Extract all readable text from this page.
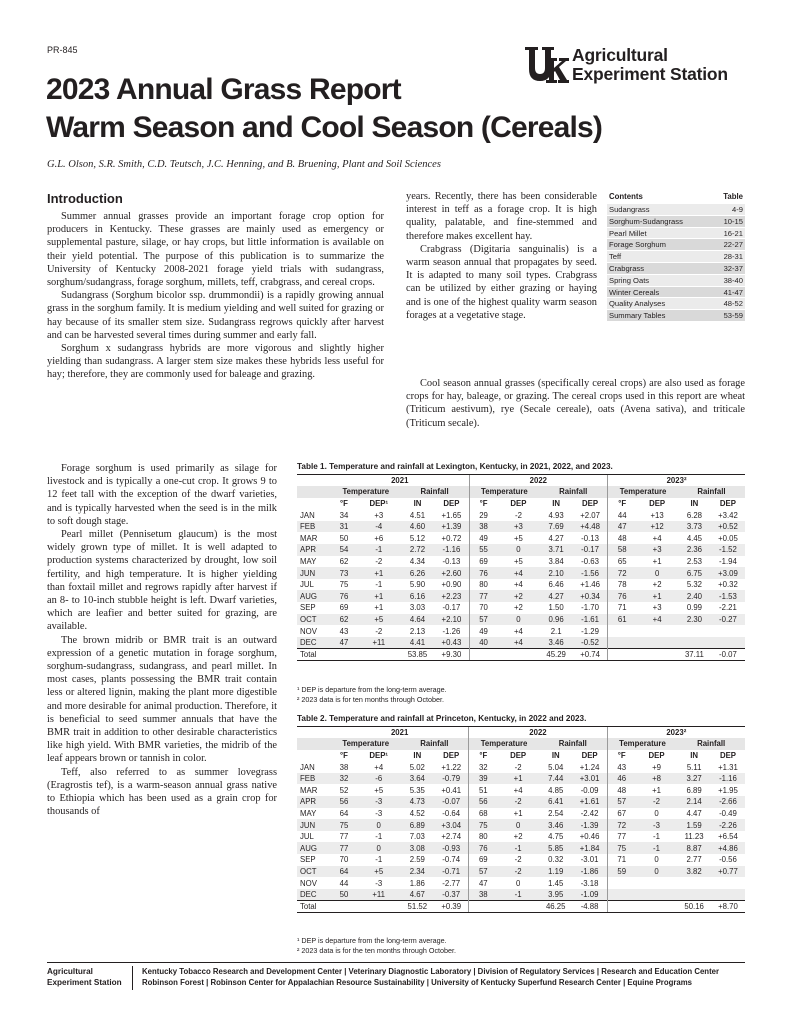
PR-845	Agricultural
Experiment Station
2023 Annual Grass Report
Warm Season and Cool Season (Cereals)
G.L. Olson, S.R. Smith, C.D. Teutsch, J.C. Henning, and B. Bruening, Plant and Soil Sciences
Introduction

Summer annual grasses provide an important forage crop option for producers in Kentucky. These grasses are mainly used as emergency or supplemental pasture, silage, or hay crops, but little information is available on their yield potential. The purpose of this publication is to summarize the University of Kentucky 2008-2021 forage yield trials with sudangrass, sorghum/sudangrass, forage sorghum, millets, teff, crabgrass, and cereal crops.

Sudangrass (Sorghum bicolor ssp. drummondii) is a rapidly growing annual grass in the sorghum family. It is medium yielding and well suited for grazing or hay because of its smaller stem size. Sudangrass regrows quickly after harvest and can be harvested several times during summer and early fall.

Sorghum x sudangrass hybrids are more vigorous and slightly higher yielding than sudangrass. A larger stem size makes these hybrids less useful for hay; therefore, they are commonly used for baleage and grazing.

Forage sorghum is used primarily as silage for livestock and is typically a one-cut crop. It grows 9 to 12 feet tall with the exception of the dwarf varieties, and is typically harvested when the seed is in the milk to soft dough stage.

Pearl millet (Pennisetum glaucum) is the most widely grown type of millet. It is well adapted to production systems characterized by drought, low soil fertility, and high temperature. It is higher yielding than foxtail millet and regrows rapidly after harvest if an 8- to 10-inch stubble height is left. Dwarf varieties, which are leafier and better suited for grazing, are available.

The brown midrib or BMR trait is an outward expression of a genetic mutation in forage sorghum, sorghum-sudangrass, sudangrass, and pearl millet. In most cases, plants possessing the BMR trait contain less or altered lignin, making the plant more digestible and more desirable for animal production. Therefore, it is beneficial to seed summer annuals that have the BMR trait in addition to other desirable characteristics like high yield. With BMR varieties, the midrib of the leaf appears brown or tannish in color.

Teff, also referred to as summer lovegrass (Eragrostis tef), is a warm-season annual grass native to Ethiopia which has been used as a grain crop for thousands of

years. Recently, there has been considerable interest in teff as a forage crop. It is high quality, palatable, and fine-stemmed and therefore makes excellent hay.

Crabgrass (Digitaria sanguinalis) is a warm season annual that propagates by seed. It is adapted to many soil types. Crabgrass can be utilized by either grazing or haying and is one of the highest quality warm season forages at a vegetative stage.

Cool season annual grasses (specifically cereal crops) are also used as forage crops for hay, baleage, or grazing. The cereal crops used in this report are wheat (Triticum aestivum), rye (Secale cereale), oats (Avena sativa), and triticale (Triticum secale).

Contents	Table
Sudangrass	4-9
Sorghum-Sudangrass	10-15
Pearl Millet	16-21
Forage Sorghum	22-27
Teff	28-31
Crabgrass	32-37
Spring Oats	38-40
Winter Cereals	41-47
Quality Analyses	48-52
Summary Tables	53-59
Table 1. Temperature and rainfall at Lexington, Kentucky, in 2021, 2022, and 2023.
	2021				2022				2023²			
	Temperature		Rainfall		Temperature		Rainfall		Temperature		Rainfall	
	°F	DEP¹	IN	DEP	°F	DEP	IN	DEP	°F	DEP	IN	DEP
JAN	34	+3	4.51	+1.65	29	-2	4.93	+2.07	44	+13	6.28	+3.42
FEB	31	-4	4.60	+1.39	38	+3	7.69	+4.48	47	+12	3.73	+0.52
MAR	50	+6	5.12	+0.72	49	+5	4.27	-0.13	48	+4	4.45	+0.05
APR	54	-1	2.72	-1.16	55	0	3.71	-0.17	58	+3	2.36	-1.52
MAY	62	-2	4.34	-0.13	69	+5	3.84	-0.63	65	+1	2.53	-1.94
JUN	73	+1	6.26	+2.60	76	+4	2.10	-1.56	72	0	6.75	+3.09
JUL	75	-1	5.90	+0.90	80	+4	6.46	+1.46	78	+2	5.32	+0.32
AUG	76	+1	6.16	+2.23	77	+2	4.27	+0.34	76	+1	2.40	-1.53
SEP	69	+1	3.03	-0.17	70	+2	1.50	-1.70	71	+3	0.99	-2.21
OCT	62	+5	4.64	+2.10	57	0	0.96	-1.61	61	+4	2.30	-0.27
NOV	43	-2	2.13	-1.26	49	+4	2.1	-1.29				
DEC	47	+11	4.41	+0.43	40	+4	3.46	-0.52				
Total			53.85	+9.30			45.29	+0.74			37.11	-0.07
¹ DEP is departure from the long-term average.
² 2023 data is for ten months through October.
Table 2. Temperature and rainfall at Princeton, Kentucky, in 2022 and 2023.
	2021				2022				2023²			
	Temperature		Rainfall		Temperature		Rainfall		Temperature		Rainfall	
	°F	DEP¹	IN	DEP	°F	DEP	IN	DEP	°F	DEP	IN	DEP
JAN	38	+4	5.02	+1.22	32	-2	5.04	+1.24	43	+9	5.11	+1.31
FEB	32	-6	3.64	-0.79	39	+1	7.44	+3.01	46	+8	3.27	-1.16
MAR	52	+5	5.35	+0.41	51	+4	4.85	-0.09	48	+1	6.89	+1.95
APR	56	-3	4.73	-0.07	56	-2	6.41	+1.61	57	-2	2.14	-2.66
MAY	64	-3	4.52	-0.64	68	+1	2.54	-2.42	67	0	4.47	-0.49
JUN	75	0	6.89	+3.04	75	0	3.46	-1.39	72	-3	1.59	-2.26
JUL	77	-1	7.03	+2.74	80	+2	4.75	+0.46	77	-1	11.23	+6.54
AUG	77	0	3.08	-0.93	76	-1	5.85	+1.84	75	-1	8.87	+4.86
SEP	70	-1	2.59	-0.74	69	-2	0.32	-3.01	71	0	2.77	-0.56
OCT	64	+5	2.34	-0.71	57	-2	1.19	-1.86	59	0	3.82	+0.77
NOV	44	-3	1.86	-2.77	47	0	1.45	-3.18				
DEC	50	+11	4.67	-0.37	38	-1	3.95	-1.09				
Total			51.52	+0.39			46.25	-4.88			50.16	+8.70
¹ DEP is departure from the long-term average.
² 2023 data is for the ten months through October.
Agricultural
Experiment Station
Kentucky Tobacco Research and Development Center | Veterinary Diagnostic Laboratory | Division of Regulatory Services | Research and Education Center
Robinson Forest | Robinson Center for Appalachian Resource Sustainability | University of Kentucky Superfund Research Center | Equine Programs
